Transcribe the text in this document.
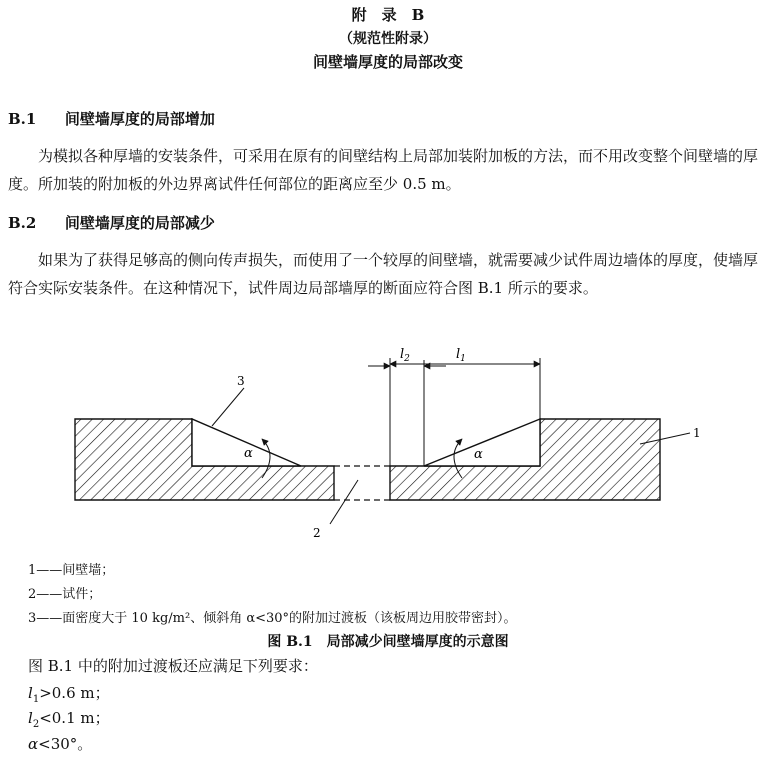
附　录　B
（规范性附录）
间壁墙厚度的局部改变
B.1 间壁墙厚度的局部增加
为模拟各种厚墙的安装条件，可采用在原有的间壁结构上局部加装附加板的方法，而不用改变整个间壁墙的厚度。所加装的附加板的外边界离试件任何部位的距离应至少 0.5 m。
B.2 间壁墙厚度的局部减少
如果为了获得足够高的侧向传声损失，而使用了一个较厚的间壁墙，就需要减少试件周边墙体的厚度，使墙厚符合实际安装条件。在这种情况下，试件周边局部墙厚的断面应符合图 B.1 所示的要求。
$l_1$
$l_2$
α	α
3
1
2
1——间壁墙；
2——试件；
3——面密度大于 10 kg/m²、倾斜角 α<30°的附加过渡板（该板周边用胶带密封）。
图 B.1　局部减少间壁墙厚度的示意图
图 B.1 中的附加过渡板还应满足下列要求：
$l_1>0.6$ m；
$l_2<0.1$ m；
α<30°。
